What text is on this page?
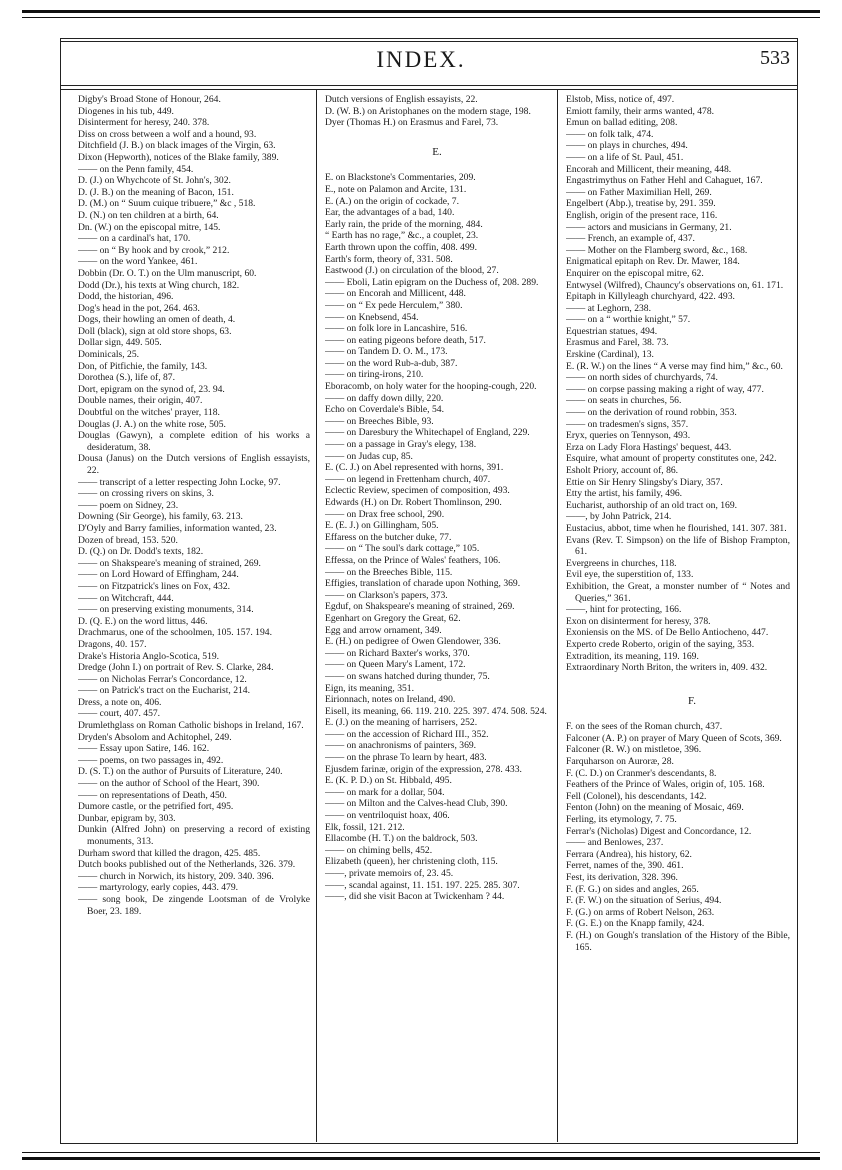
INDEX.	533
Digby's Broad Stone of Honour, 264.
Diogenes in his tub, 449.
Disinterment for heresy, 240. 378.
Diss on cross between a wolf and a hound, 93.
Ditchfield (J. B.) on black images of the Virgin, 63.
Dixon (Hepworth), notices of the Blake family, 389.
—— on the Penn family, 454.
D. (J.) on Whychcote of St. John's, 302.
D. (J. B.) on the meaning of Bacon, 151.
D. (M.) on “ Suum cuique tribuere,” &c , 518.
D. (N.) on ten children at a birth, 64.
Dn. (W.) on the episcopal mitre, 145.
—— on a cardinal's hat, 170.
—— on “ By hook and by crook,” 212.
—— on the word Yankee, 461.
Dobbin (Dr. O. T.) on the Ulm manuscript, 60.
Dodd (Dr.), his texts at Wing church, 182.
Dodd, the historian, 496.
Dog's head in the pot, 264. 463.
Dogs, their howling an omen of death, 4.
Doll (black), sign at old store shops, 63.
Dollar sign, 449. 505.
Dominicals, 25.
Don, of Pitfichie, the family, 143.
Dorothea (S.), life of, 87.
Dort, epigram on the synod of, 23. 94.
Double names, their origin, 407.
Doubtful on the witches' prayer, 118.
Douglas (J. A.) on the white rose, 505.
Douglas (Gawyn), a complete edition of his works a desideratum, 38.
Dousa (Janus) on the Dutch versions of English essayists, 22.
—— transcript of a letter respecting John Locke, 97.
—— on crossing rivers on skins, 3.
—— poem on Sidney, 23.
Downing (Sir George), his family, 63. 213.
D'Oyly and Barry families, information wanted, 23.
Dozen of bread, 153. 520.
D. (Q.) on Dr. Dodd's texts, 182.
—— on Shakspeare's meaning of strained, 269.
—— on Lord Howard of Effingham, 244.
—— on Fitzpatrick's lines on Fox, 432.
—— on Witchcraft, 444.
—— on preserving existing monuments, 314.
D. (Q. E.) on the word littus, 446.
Drachmarus, one of the schoolmen, 105. 157. 194.
Dragons, 40. 157.
Drake's Historia Anglo-Scotica, 519.
Dredge (John I.) on portrait of Rev. S. Clarke, 284.
—— on Nicholas Ferrar's Concordance, 12.
—— on Patrick's tract on the Eucharist, 214.
Dress, a note on, 406.
—— court, 407. 457.
Drumlethglass on Roman Catholic bishops in Ireland, 167.
Dryden's Absolom and Achitophel, 249.
—— Essay upon Satire, 146. 162.
—— poems, on two passages in, 492.
D. (S. T.) on the author of Pursuits of Literature, 240.
—— on the author of School of the Heart, 390.
—— on representations of Death, 450.
Dumore castle, or the petrified fort, 495.
Dunbar, epigram by, 303.
Dunkin (Alfred John) on preserving a record of existing monuments, 313.
Durham sword that killed the dragon, 425. 485.
Dutch books published out of the Netherlands, 326. 379.
—— church in Norwich, its history, 209. 340. 396.
—— martyrology, early copies, 443. 479.
—— song book, De zingende Lootsman of de Vrolyke Boer, 23. 189.
Dutch versions of English essayists, 22.
D. (W. B.) on Aristophanes on the modern stage, 198.
Dyer (Thomas H.) on Erasmus and Farel, 73.
E.
E. on Blackstone's Commentaries, 209.
E., note on Palamon and Arcite, 131.
E. (A.) on the origin of cockade, 7.
Ear, the advantages of a bad, 140.
Early rain, the pride of the morning, 484.
“ Earth has no rage,” &c., a couplet, 23.
Earth thrown upon the coffin, 408. 499.
Earth's form, theory of, 331. 508.
Eastwood (J.) on circulation of the blood, 27.
—— Eboli, Latin epigram on the Duchess of, 208. 289.
—— on Encorah and Millicent, 448.
—— on “ Ex pede Herculem,” 380.
—— on Knebsend, 454.
—— on folk lore in Lancashire, 516.
—— on eating pigeons before death, 517.
—— on Tandem D. O. M., 173.
—— on the word Rub-a-dub, 387.
—— on tiring-irons, 210.
Eboracomb, on holy water for the hooping-cough, 220.
—— on daffy down dilly, 220.
Echo on Coverdale's Bible, 54.
—— on Breeches Bible, 93.
—— on Daresbury the Whitechapel of England, 229.
—— on a passage in Gray's elegy, 138.
—— on Judas cup, 85.
E. (C. J.) on Abel represented with horns, 391.
—— on legend in Frettenham church, 407.
Eclectic Review, specimen of composition, 493.
Edwards (H.) on Dr. Robert Thomlinson, 290.
—— on Drax free school, 290.
E. (E. J.) on Gillingham, 505.
Effaress on the butcher duke, 77.
—— on “ The soul's dark cottage,” 105.
Effessa, on the Prince of Wales' feathers, 106.
—— on the Breeches Bible, 115.
Effigies, translation of charade upon Nothing, 369.
—— on Clarkson's papers, 373.
Egduf, on Shakspeare's meaning of strained, 269.
Egenhart on Gregory the Great, 62.
Egg and arrow ornament, 349.
E. (H.) on pedigree of Owen Glendower, 336.
—— on Richard Baxter's works, 370.
—— on Queen Mary's Lament, 172.
—— on swans hatched during thunder, 75.
Eign, its meaning, 351.
Eirionnach, notes on Ireland, 490.
Eisell, its meaning, 66. 119. 210. 225. 397. 474. 508. 524.
E. (J.) on the meaning of harrisers, 252.
—— on the accession of Richard III., 352.
—— on anachronisms of painters, 369.
—— on the phrase To learn by heart, 483.
Ejusdem farinæ, origin of the expression, 278. 433.
E. (K. P. D.) on St. Hibbald, 495.
—— on mark for a dollar, 504.
—— on Milton and the Calves-head Club, 390.
—— on ventriloquist hoax, 406.
Elk, fossil, 121. 212.
Ellacombe (H. T.) on the baldrock, 503.
—— on chiming bells, 452.
Elizabeth (queen), her christening cloth, 115.
——, private memoirs of, 23. 45.
——, scandal against, 11. 151. 197. 225. 285. 307.
——, did she visit Bacon at Twickenham ? 44.
Elstob, Miss, notice of, 497.
Emiott family, their arms wanted, 478.
Emun on ballad editing, 208.
—— on folk talk, 474.
—— on plays in churches, 494.
—— on a life of St. Paul, 451.
Encorah and Millicent, their meaning, 448.
Engastrimythus on Father Hehl and Cahaguet, 167.
—— on Father Maximilian Hell, 269.
Engelbert (Abp.), treatise by, 291. 359.
English, origin of the present race, 116.
—— actors and musicians in Germany, 21.
—— French, an example of, 437.
—— Mother on the Flamberg sword, &c., 168.
Enigmatical epitaph on Rev. Dr. Mawer, 184.
Enquirer on the episcopal mitre, 62.
Entwysel (Wilfred), Chauncy's observations on, 61. 171.
Epitaph in Killyleagh churchyard, 422. 493.
—— at Leghorn, 238.
—— on a “ worthie knight,” 57.
Equestrian statues, 494.
Erasmus and Farel, 38. 73.
Erskine (Cardinal), 13.
E. (R. W.) on the lines “ A verse may find him,” &c., 60.
—— on north sides of churchyards, 74.
—— on corpse passing making a right of way, 477.
—— on seats in churches, 56.
—— on the derivation of round robbin, 353.
—— on tradesmen's signs, 357.
Eryx, queries on Tennyson, 493.
Erza on Lady Flora Hastings' bequest, 443.
Esquire, what amount of property constitutes one, 242.
Esholt Priory, account of, 86.
Ettie on Sir Henry Slingsby's Diary, 357.
Etty the artist, his family, 496.
Eucharist, authorship of an old tract on, 169.
——, by John Patrick, 214.
Eustacius, abbot, time when he flourished, 141. 307. 381.
Evans (Rev. T. Simpson) on the life of Bishop Frampton, 61.
Evergreens in churches, 118.
Evil eye, the superstition of, 133.
Exhibition, the Great, a monster number of “ Notes and Queries,” 361.
——, hint for protecting, 166.
Exon on disinterment for heresy, 378.
Exoniensis on the MS. of De Bello Antiocheno, 447.
Experto crede Roberto, origin of the saying, 353.
Extradition, its meaning, 119. 169.
Extraordinary North Briton, the writers in, 409. 432.
F.
F. on the sees of the Roman church, 437.
Falconer (A. P.) on prayer of Mary Queen of Scots, 369.
Falconer (R. W.) on mistletoe, 396.
Farquharson on Auroræ, 28.
F. (C. D.) on Cranmer's descendants, 8.
Feathers of the Prince of Wales, origin of, 105. 168.
Fell (Colonel), his descendants, 142.
Fenton (John) on the meaning of Mosaic, 469.
Ferling, its etymology, 7. 75.
Ferrar's (Nicholas) Digest and Concordance, 12.
—— and Benlowes, 237.
Ferrara (Andrea), his history, 62.
Ferret, names of the, 390. 461.
Fest, its derivation, 328. 396.
F. (F. G.) on sides and angles, 265.
F. (F. W.) on the situation of Serius, 494.
F. (G.) on arms of Robert Nelson, 263.
F. (G. E.) on the Knapp family, 424.
F. (H.) on Gough's translation of the History of the Bible, 165.
